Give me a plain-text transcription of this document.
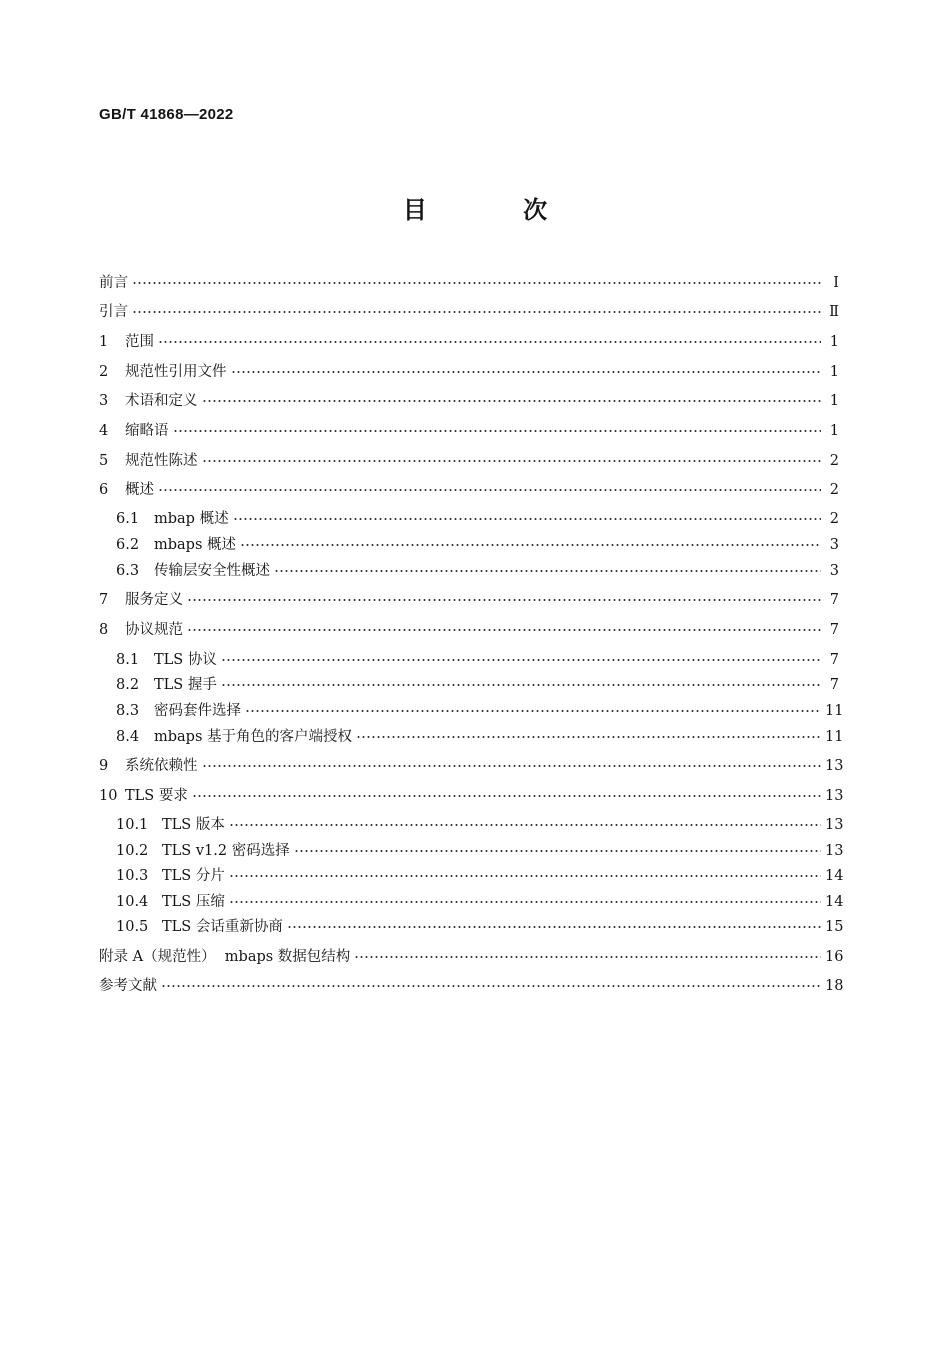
GB/T 41868—2022
目 次
前言	Ⅰ
引言	Ⅱ
1	范围	1
2	规范性引用文件	1
3	术语和定义	1
4	缩略语	1
5	规范性陈述	2
6	概述	2
6.1	mbap 概述	2
6.2	mbaps 概述	3
6.3	传输层安全性概述	3
7	服务定义	7
8	协议规范	7
8.1	TLS 协议	7
8.2	TLS 握手	7
8.3	密码套件选择	11
8.4	mbaps 基于角色的客户端授权	11
9	系统依赖性	13
10 TLS 要求	13
10.1 TLS 版本	13
10.2 TLS v1.2 密码选择	13
10.3 TLS 分片	14
10.4 TLS 压缩	14
10.5 TLS 会话重新协商	15
附录 A（规范性）  mbaps 数据包结构	16
参考文献	18
